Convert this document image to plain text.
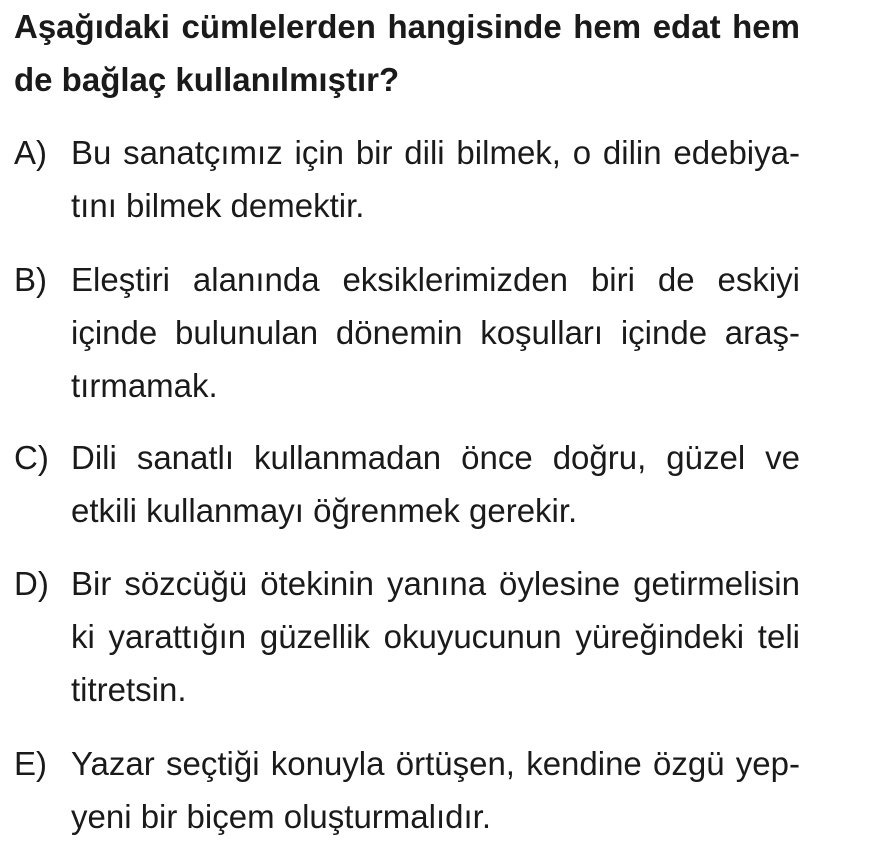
Aşağıdaki cümlelerden hangisinde hem edat hem de bağlaç kullanılmıştır?

A) Bu sanatçımız için bir dili bilmek, o dilin edebiya- tını bilmek demektir.
B) Eleştiri alanında eksiklerimizden biri de eskiyi içinde bulunulan dönemin koşulları içinde araş- tırmamak.
C) Dili sanatlı kullanmadan önce doğru, güzel ve etkili kullanmayı öğrenmek gerekir.
D) Bir sözcüğü ötekinin yanına öylesine getirmelisin ki yarattığın güzellik okuyucunun yüreğindeki teli titretsin.
E) Yazar seçtiği konuyla örtüşen, kendine özgü yep- yeni bir biçem oluşturmalıdır.
